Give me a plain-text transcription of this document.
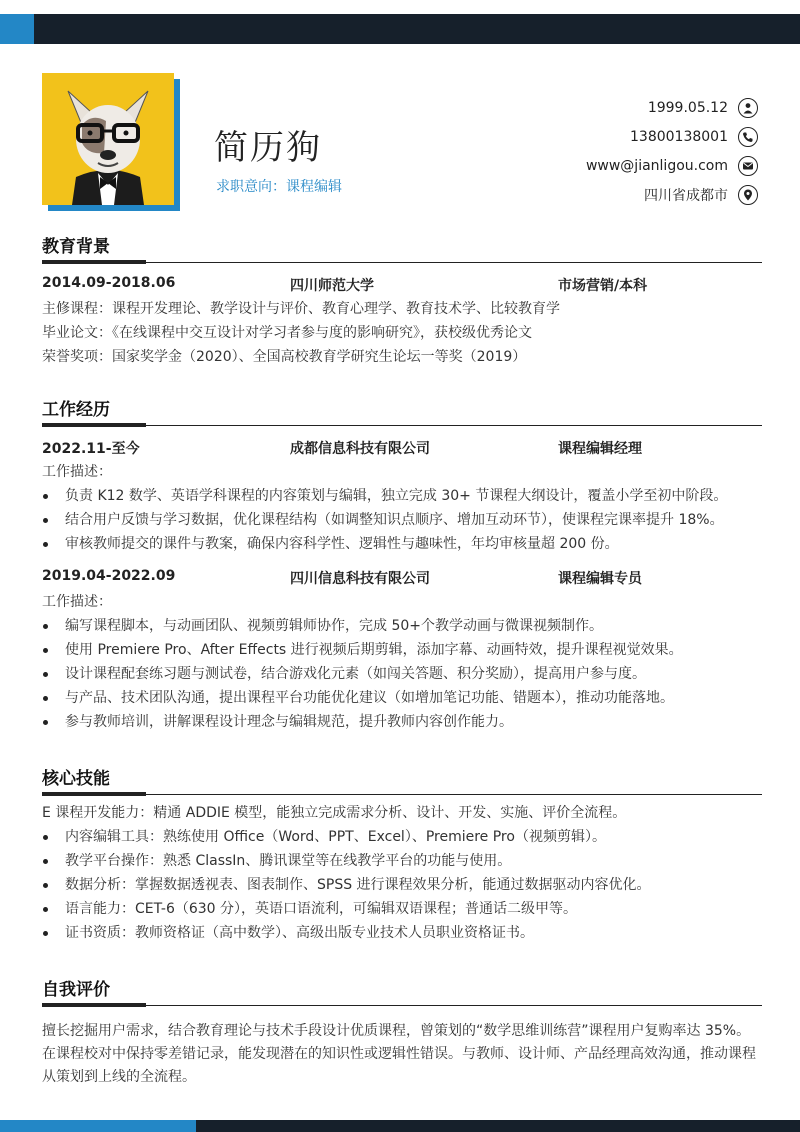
简历狗
求职意向：课程编辑
1999.05.12
13800138001
www@jianligou.com
四川省成都市
教育背景
2014.09-2018.06	四川师范大学	市场营销/本科
主修课程：课程开发理论、教学设计与评价、教育心理学、教育技术学、比较教育学
毕业论文：《在线课程中交互设计对学习者参与度的影响研究》，获校级优秀论文
荣誉奖项：国家奖学金（2020）、全国高校教育学研究生论坛一等奖（2019）
工作经历
2022.11-至今	成都信息科技有限公司	课程编辑经理
工作描述：
负责 K12 数学、英语学科课程的内容策划与编辑，独立完成 30+ 节课程大纲设计，覆盖小学至初中阶段。
结合用户反馈与学习数据，优化课程结构（如调整知识点顺序、增加互动环节），使课程完课率提升 18%。
审核教师提交的课件与教案，确保内容科学性、逻辑性与趣味性，年均审核量超 200 份。
2019.04-2022.09	四川信息科技有限公司	课程编辑专员
工作描述：
编写课程脚本，与动画团队、视频剪辑师协作，完成 50+个教学动画与微课视频制作。
使用 Premiere Pro、After Effects 进行视频后期剪辑，添加字幕、动画特效，提升课程视觉效果。
设计课程配套练习题与测试卷，结合游戏化元素（如闯关答题、积分奖励），提高用户参与度。
与产品、技术团队沟通，提出课程平台功能优化建议（如增加笔记功能、错题本），推动功能落地。
参与教师培训，讲解课程设计理念与编辑规范，提升教师内容创作能力。
核心技能
E 课程开发能力：精通 ADDIE 模型，能独立完成需求分析、设计、开发、实施、评价全流程。
内容编辑工具：熟练使用 Office（Word、PPT、Excel）、Premiere Pro（视频剪辑）。
教学平台操作：熟悉 ClassIn、腾讯课堂等在线教学平台的功能与使用。
数据分析：掌握数据透视表、图表制作、SPSS 进行课程效果分析，能通过数据驱动内容优化。
语言能力：CET-6（630 分），英语口语流利，可编辑双语课程；普通话二级甲等。
证书资质：教师资格证（高中数学）、高级出版专业技术人员职业资格证书。
自我评价
擅长挖掘用户需求，结合教育理论与技术手段设计优质课程，曾策划的“数学思维训练营”课程用户复购率达 35%。在课程校对中保持零差错记录，能发现潜在的知识性或逻辑性错误。与教师、设计师、产品经理高效沟通，推动课程从策划到上线的全流程。
